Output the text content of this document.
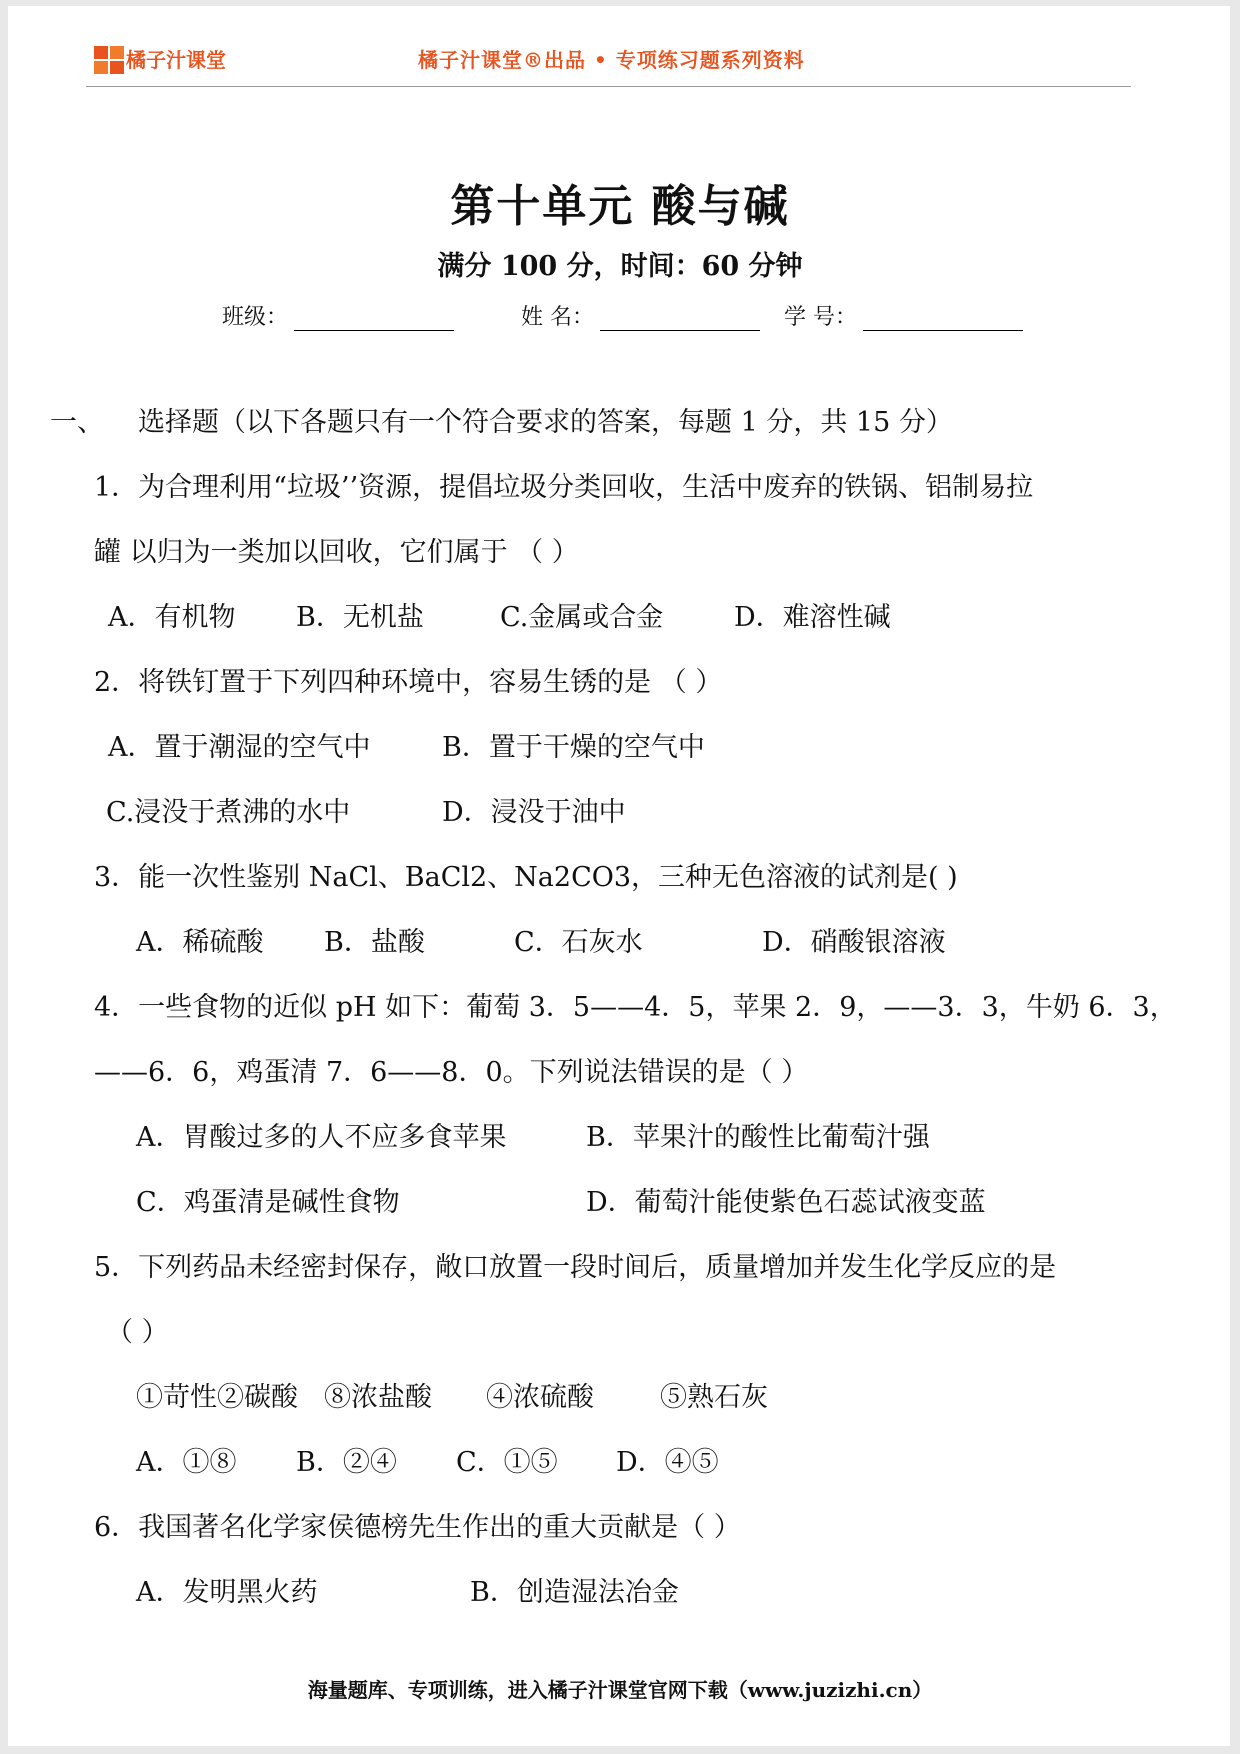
橘子汁课堂	橘子汁课堂®出品 • 专项练习题系列资料
第十单元 酸与碱
满分 100 分，时间：60 分钟
班级：	姓 名：	学 号：
一、 选择题（以下各题只有一个符合要求的答案，每题 1 分，共 15 分）
1．为合理利用“垃圾’’资源，提倡垃圾分类回收，生活中废弃的铁锅、铝制易拉
罐 以归为一类加以回收，它们属于 （ ）
A．有机物 B．无机盐	C.金属或合金	D．难溶性碱
2．将铁钉置于下列四种环境中，容易生锈的是 （ ）
A．置于潮湿的空气中	B．置于干燥的空气中
C.浸没于煮沸的水中	D．浸没于油中
3．能一次性鉴别 NaCl、BaCl2、Na2CO3，三种无色溶液的试剂是( )
A．稀硫酸 B．盐酸	C．石灰水	D．硝酸银溶液
4．一些食物的近似 pH 如下：葡萄 3．5——4．5，苹果 2．9，——3．3，牛奶 6．3，
——6．6，鸡蛋清 7．6——8．0。下列说法错误的是（ ）
A．胃酸过多的人不应多食苹果	B．苹果汁的酸性比葡萄汁强
C．鸡蛋清是碱性食物	D．葡萄汁能使紫色石蕊试液变蓝
5．下列药品未经密封保存，敞口放置一段时间后，质量增加并发生化学反应的是
（ ）
①苛性②碳酸 ⑧浓盐酸 ④浓硫酸 ⑤熟石灰
A．①⑧ B．②④ C．①⑤ D．④⑤
6．我国著名化学家侯德榜先生作出的重大贡献是（ ）
A．发明黑火药	B．创造湿法冶金
海量题库、专项训练，进入橘子汁课堂官网下载（www.juzizhi.cn）
